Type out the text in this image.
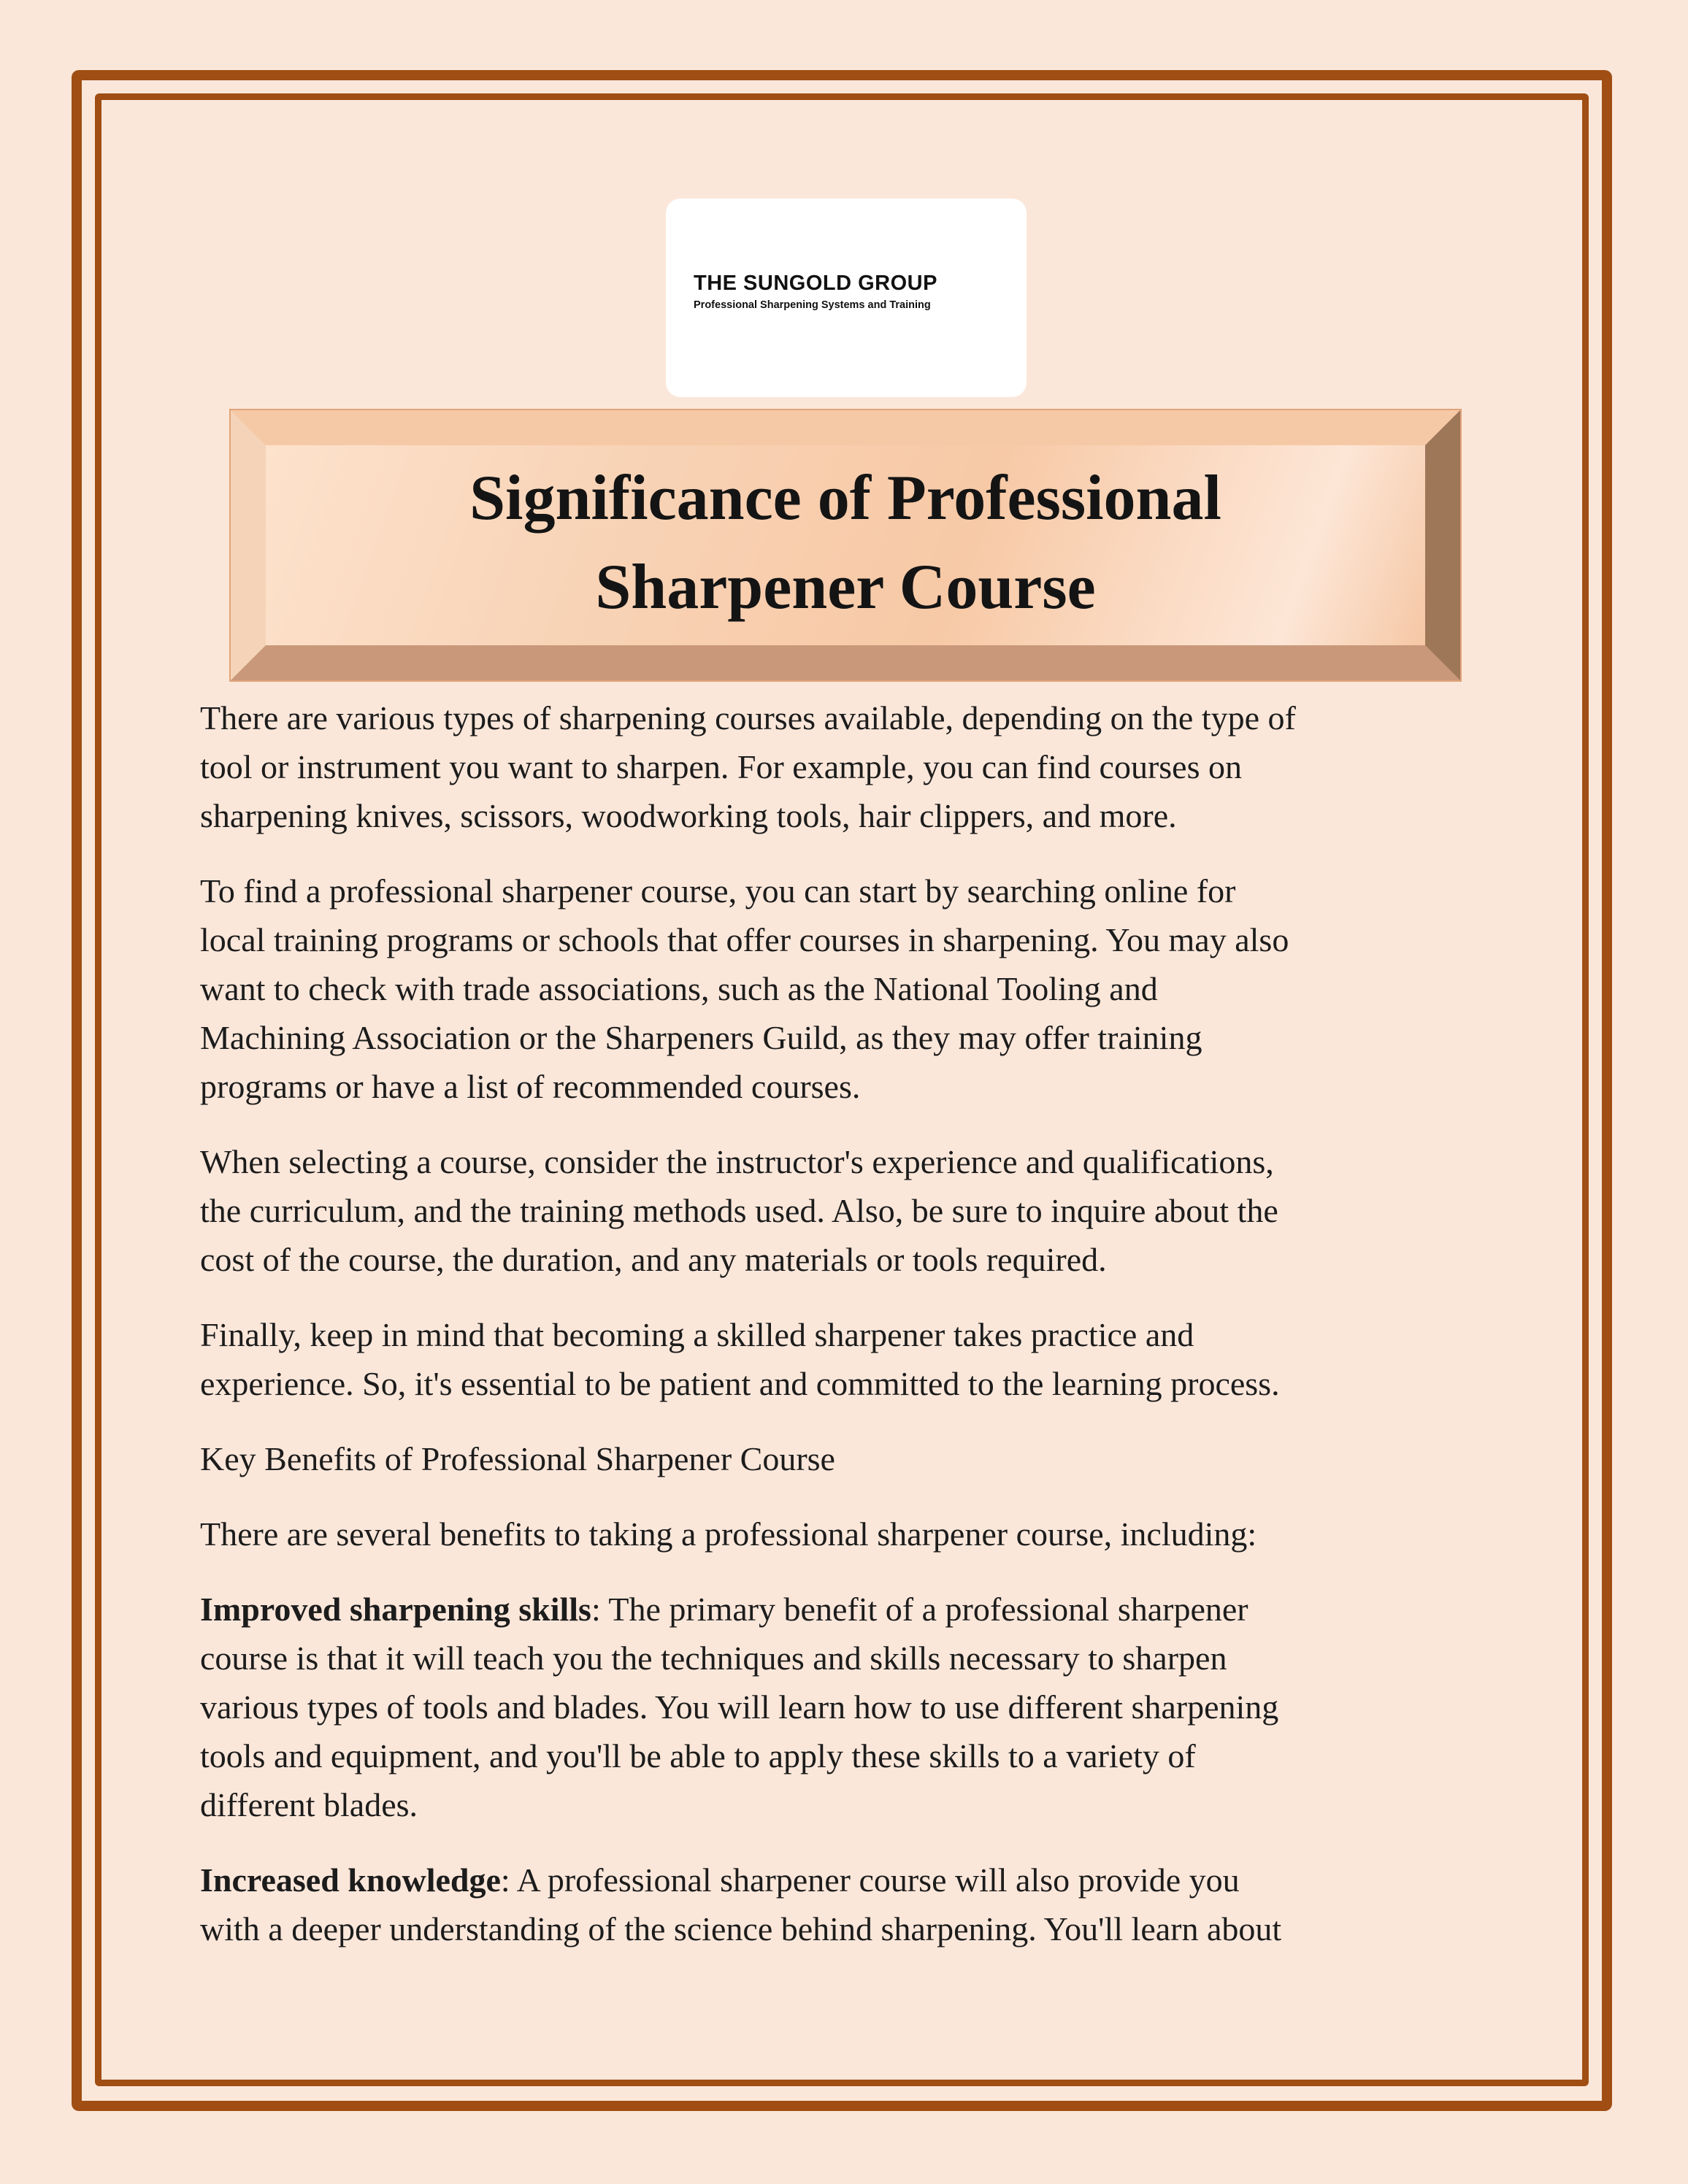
THE SUNGOLD GROUP
Professional Sharpening Systems and Training
Significance of Professional
Sharpener Course

There are various types of sharpening courses available, depending on the type of
tool or instrument you want to sharpen. For example, you can find courses on
sharpening knives, scissors, woodworking tools, hair clippers, and more.

To find a professional sharpener course, you can start by searching online for
local training programs or schools that offer courses in sharpening. You may also
want to check with trade associations, such as the National Tooling and
Machining Association or the Sharpeners Guild, as they may offer training
programs or have a list of recommended courses.

When selecting a course, consider the instructor's experience and qualifications,
the curriculum, and the training methods used. Also, be sure to inquire about the
cost of the course, the duration, and any materials or tools required.

Finally, keep in mind that becoming a skilled sharpener takes practice and
experience. So, it's essential to be patient and committed to the learning process.

Key Benefits of Professional Sharpener Course

There are several benefits to taking a professional sharpener course, including:

Improved sharpening skills: The primary benefit of a professional sharpener
course is that it will teach you the techniques and skills necessary to sharpen
various types of tools and blades. You will learn how to use different sharpening
tools and equipment, and you'll be able to apply these skills to a variety of
different blades.

Increased knowledge: A professional sharpener course will also provide you
with a deeper understanding of the science behind sharpening. You'll learn about
